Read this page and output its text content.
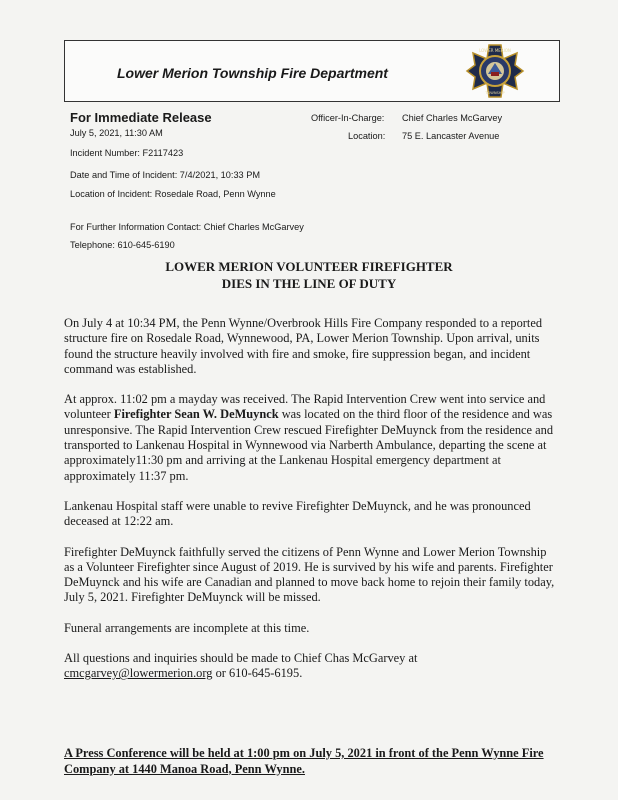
Lower Merion Township Fire Department
LOWER MERION
TOWNSHIP
For Immediate Release
July 5, 2021, 11:30 AM
Incident Number: F2117423
Date and Time of Incident: 7/4/2021, 10:33 PM
Location of Incident: Rosedale Road, Penn Wynne
Officer-In-Charge: Chief Charles McGarvey
Location: 75 E. Lancaster Avenue
For Further Information Contact: Chief Charles McGarvey
Telephone: 610-645-6190
LOWER MERION VOLUNTEER FIREFIGHTER
DIES IN THE LINE OF DUTY

On July 4 at 10:34 PM, the Penn Wynne/Overbrook Hills Fire Company responded to a reported structure fire on Rosedale Road, Wynnewood, PA, Lower Merion Township. Upon arrival, units found the structure heavily involved with fire and smoke, fire suppression began, and incident command was established.

At approx. 11:02 pm a mayday was received. The Rapid Intervention Crew went into service and volunteer Firefighter Sean W. DeMuynck was located on the third floor of the residence and was unresponsive. The Rapid Intervention Crew rescued Firefighter DeMuynck from the residence and transported to Lankenau Hospital in Wynnewood via Narberth Ambulance, departing the scene at approximately11:30 pm and arriving at the Lankenau Hospital emergency department at approximately 11:37 pm.

Lankenau Hospital staff were unable to revive Firefighter DeMuynck, and he was pronounced deceased at 12:22 am.

Firefighter DeMuynck faithfully served the citizens of Penn Wynne and Lower Merion Township as a Volunteer Firefighter since August of 2019. He is survived by his wife and parents. Firefighter DeMuynck and his wife are Canadian and planned to move back home to rejoin their family today, July 5, 2021. Firefighter DeMuynck will be missed.

Funeral arrangements are incomplete at this time.

All questions and inquiries should be made to Chief Chas McGarvey at cmcgarvey@lowermerion.org or 610-645-6195.

A Press Conference will be held at 1:00 pm on July 5, 2021 in front of the Penn Wynne Fire Company at 1440 Manoa Road, Penn Wynne.
